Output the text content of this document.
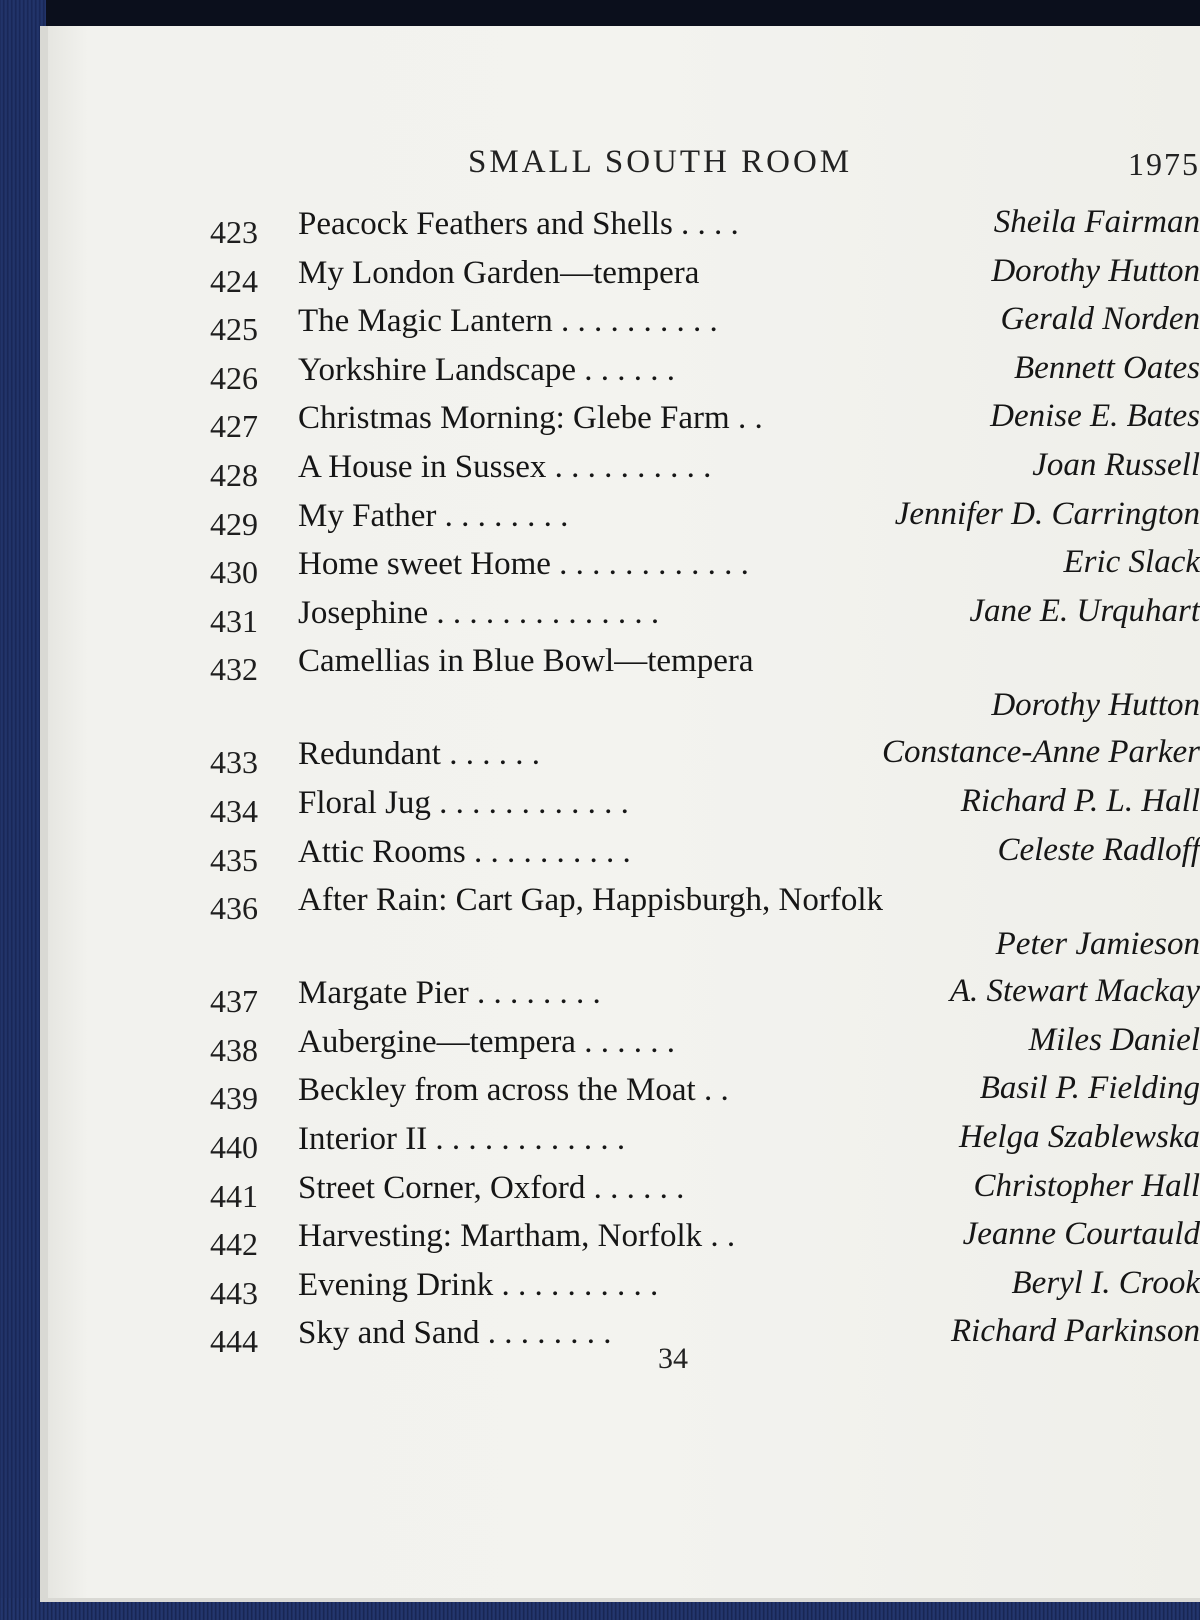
SMALL SOUTH ROOM	1975
423 Peacock Feathers and Shells . . . .	Sheila Fairman
424 My London Garden—tempera	Dorothy Hutton
425 The Magic Lantern . . . . . . . . . .	Gerald Norden
426 Yorkshire Landscape . . . . . .	Bennett Oates
427 Christmas Morning: Glebe Farm . .	Denise E. Bates
428 A House in Sussex . . . . . . . . . .	Joan Russell
429 My Father . . . . . . . .	Jennifer D. Carrington
430 Home sweet Home . . . . . . . . . . . .	Eric Slack
431 Josephine . . . . . . . . . . . . . .	Jane E. Urquhart
432 Camellias in Blue Bowl—tempera
Dorothy Hutton
433 Redundant . . . . . .	Constance-Anne Parker
434 Floral Jug . . . . . . . . . . . .	Richard P. L. Hall
435 Attic Rooms . . . . . . . . . .	Celeste Radloff
436 After Rain: Cart Gap, Happisburgh, Norfolk
Peter Jamieson
437 Margate Pier . . . . . . . .	A. Stewart Mackay
438 Aubergine—tempera . . . . . .	Miles Daniel
439 Beckley from across the Moat . .	Basil P. Fielding
440 Interior II . . . . . . . . . . . .	Helga Szablewska
441 Street Corner, Oxford . . . . . .	Christopher Hall
442 Harvesting: Martham, Norfolk . .	Jeanne Courtauld
443 Evening Drink . . . . . . . . . .	Beryl I. Crook
444 Sky and Sand . . . . . . . .	Richard Parkinson
34
